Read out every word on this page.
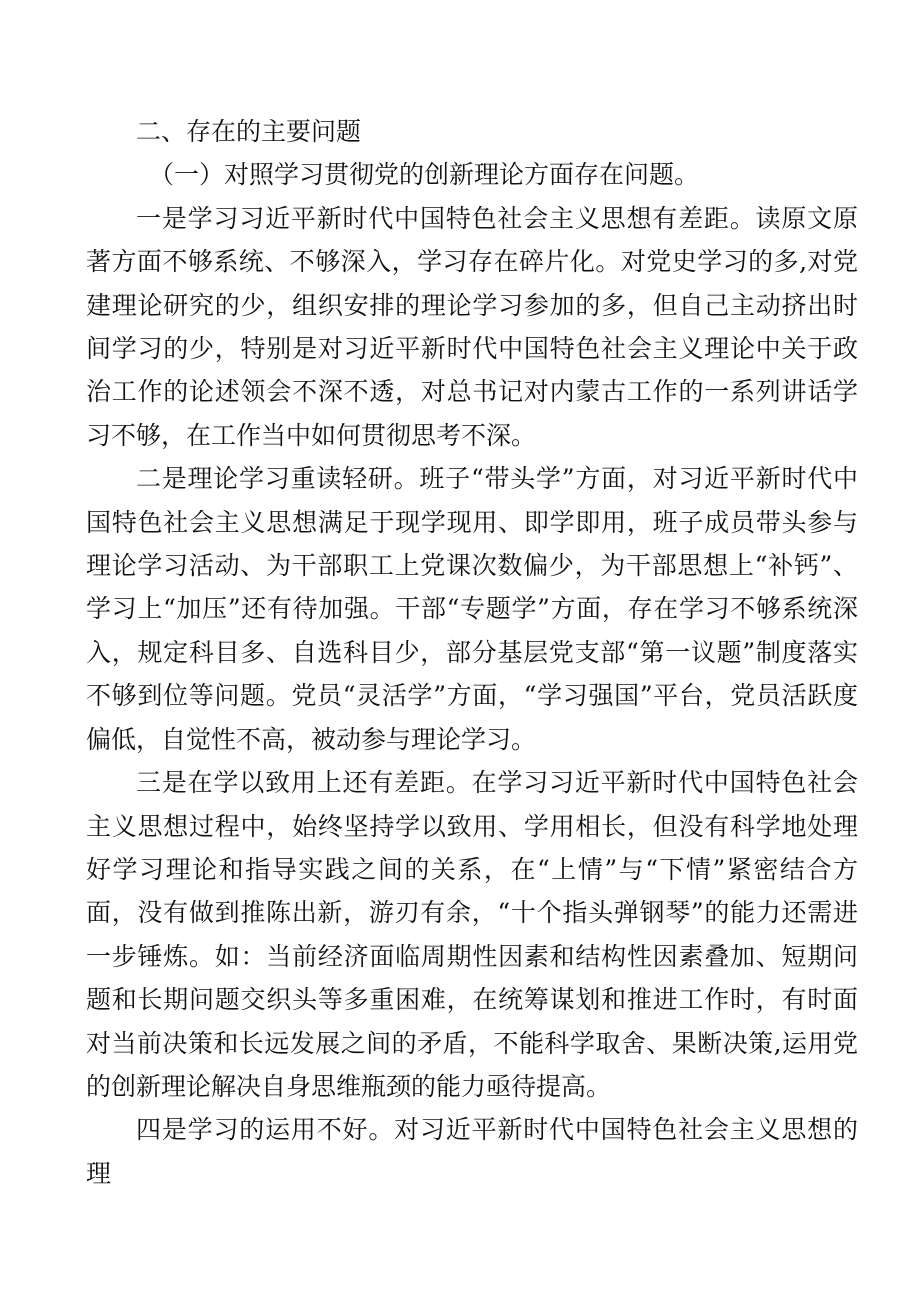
二、存在的主要问题
（一）对照学习贯彻党的创新理论方面存在问题。

一是学习习近平新时代中国特色社会主义思想有差距。读原文原著方面不够系统、不够深入，学习存在碎片化。对党史学习的多,对党建理论研究的少，组织安排的理论学习参加的多，但自己主动挤出时间学习的少，特别是对习近平新时代中国特色社会主义理论中关于政治工作的论述领会不深不透，对总书记对内蒙古工作的一系列讲话学习不够，在工作当中如何贯彻思考不深。

二是理论学习重读轻研。班子“带头学”方面，对习近平新时代中国特色社会主义思想满足于现学现用、即学即用，班子成员带头参与理论学习活动、为干部职工上党课次数偏少，为干部思想上“补钙”、学习上“加压”还有待加强。干部“专题学”方面，存在学习不够系统深入，规定科目多、自选科目少，部分基层党支部“第一议题”制度落实不够到位等问题。党员“灵活学”方面，“学习强国”平台，党员活跃度偏低，自觉性不高，被动参与理论学习。

三是在学以致用上还有差距。在学习习近平新时代中国特色社会主义思想过程中，始终坚持学以致用、学用相长，但没有科学地处理好学习理论和指导实践之间的关系，在“上情”与“下情”紧密结合方面，没有做到推陈出新，游刃有余，“十个指头弹钢琴”的能力还需进一步锤炼。如：当前经济面临周期性因素和结构性因素叠加、短期问题和长期问题交织头等多重困难，在统筹谋划和推进工作时，有时面对当前决策和长远发展之间的矛盾，不能科学取舍、果断决策,运用党的创新理论解决自身思维瓶颈的能力亟待提高。

四是学习的运用不好。对习近平新时代中国特色社会主义思想的理
